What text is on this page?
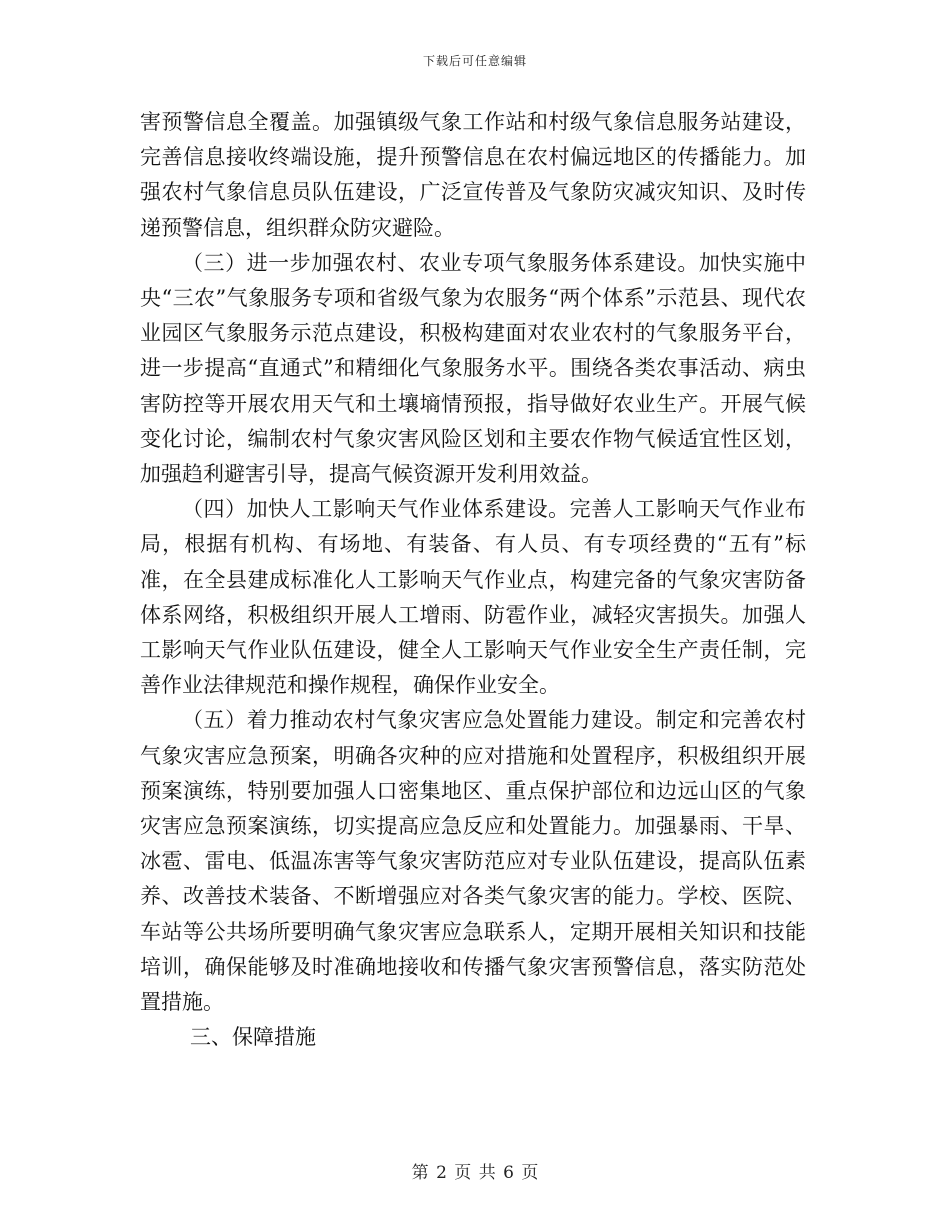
下载后可任意编辑

害预警信息全覆盖。加强镇级气象工作站和村级气象信息服务站建设，完善信息接收终端设施，提升预警信息在农村偏远地区的传播能力。加强农村气象信息员队伍建设，广泛宣传普及气象防灾减灾知识、及时传递预警信息，组织群众防灾避险。

（三）进一步加强农村、农业专项气象服务体系建设。加快实施中央“三农”气象服务专项和省级气象为农服务“两个体系”示范县、现代农业园区气象服务示范点建设，积极构建面对农业农村的气象服务平台，进一步提高“直通式”和精细化气象服务水平。围绕各类农事活动、病虫害防控等开展农用天气和土壤墒情预报，指导做好农业生产。开展气候变化讨论，编制农村气象灾害风险区划和主要农作物气候适宜性区划，加强趋利避害引导，提高气候资源开发利用效益。

（四）加快人工影响天气作业体系建设。完善人工影响天气作业布局，根据有机构、有场地、有装备、有人员、有专项经费的“五有”标准，在全县建成标准化人工影响天气作业点，构建完备的气象灾害防备体系网络，积极组织开展人工增雨、防雹作业，减轻灾害损失。加强人工影响天气作业队伍建设，健全人工影响天气作业安全生产责任制，完善作业法律规范和操作规程，确保作业安全。

（五）着力推动农村气象灾害应急处置能力建设。制定和完善农村气象灾害应急预案，明确各灾种的应对措施和处置程序，积极组织开展预案演练，特别要加强人口密集地区、重点保护部位和边远山区的气象灾害应急预案演练，切实提高应急反应和处置能力。加强暴雨、干旱、冰雹、雷电、低温冻害等气象灾害防范应对专业队伍建设，提高队伍素养、改善技术装备、不断增强应对各类气象灾害的能力。学校、医院、车站等公共场所要明确气象灾害应急联系人，定期开展相关知识和技能培训，确保能够及时准确地接收和传播气象灾害预警信息，落实防范处置措施。

三、保障措施

第 2 页 共 6 页
